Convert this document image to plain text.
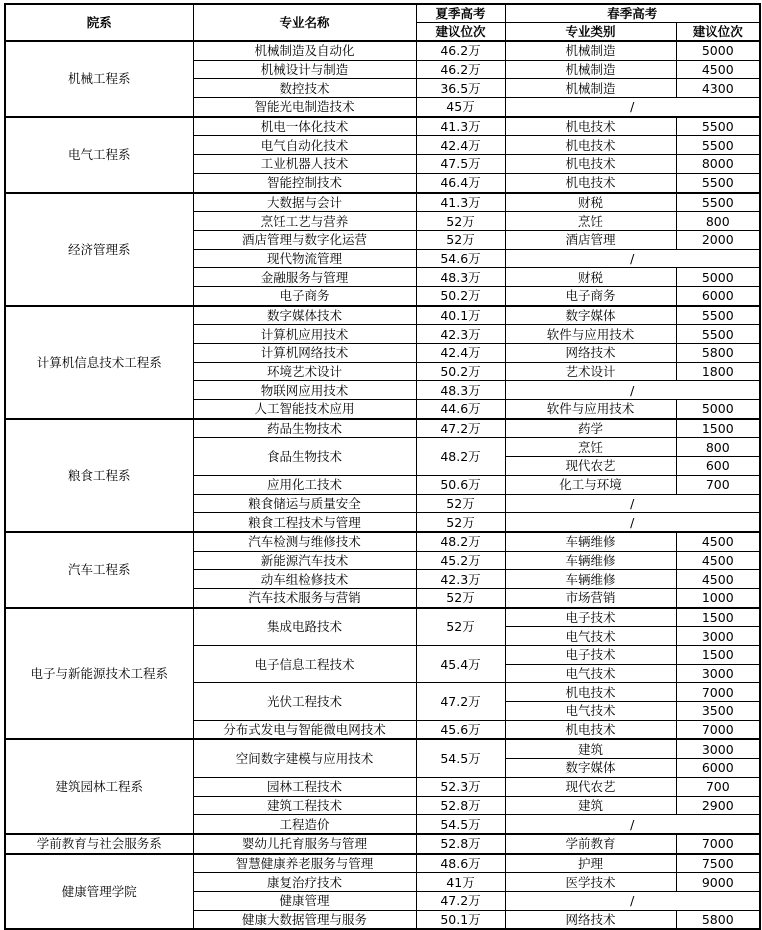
院系	专业名称	夏季高考	春季高考	
		建议位次	专业类别	建议位次
机械工程系	机械制造及自动化	46.2万	机械制造	5000
	机械设计与制造	46.2万	机械制造	4500
	数控技术	36.5万	机械制造	4300
	智能光电制造技术	45万	/	
电气工程系	机电一体化技术	41.3万	机电技术	5500
	电气自动化技术	42.4万	机电技术	5500
	工业机器人技术	47.5万	机电技术	8000
	智能控制技术	46.4万	机电技术	5500
经济管理系	大数据与会计	41.3万	财税	5500
	烹饪工艺与营养	52万	烹饪	800
	酒店管理与数字化运营	52万	酒店管理	2000
	现代物流管理	54.6万	/	
	金融服务与管理	48.3万	财税	5000
	电子商务	50.2万	电子商务	6000
计算机信息技术工程系	数字媒体技术	40.1万	数字媒体	5500
	计算机应用技术	42.3万	软件与应用技术	5500
	计算机网络技术	42.4万	网络技术	5800
	环境艺术设计	50.2万	艺术设计	1800
	物联网应用技术	48.3万	/	
	人工智能技术应用	44.6万	软件与应用技术	5000
粮食工程系	药品生物技术	47.2万	药学	1500
	食品生物技术	48.2万	烹饪	800
			现代农艺	600
	应用化工技术	50.6万	化工与环境	700
	粮食储运与质量安全	52万	/	
	粮食工程技术与管理	52万	/	
汽车工程系	汽车检测与维修技术	48.2万	车辆维修	4500
	新能源汽车技术	45.2万	车辆维修	4500
	动车组检修技术	42.3万	车辆维修	4500
	汽车技术服务与营销	52万	市场营销	1000
电子与新能源技术工程系	集成电路技术	52万	电子技术	1500
			电气技术	3000
	电子信息工程技术	45.4万	电子技术	1500
			电气技术	3000
	光伏工程技术	47.2万	机电技术	7000
			电气技术	3500
	分布式发电与智能微电网技术	45.6万	机电技术	7000
建筑园林工程系	空间数字建模与应用技术	54.5万	建筑	3000
			数字媒体	6000
	园林工程技术	52.3万	现代农艺	700
	建筑工程技术	52.8万	建筑	2900
	工程造价	54.5万	/	
学前教育与社会服务系	婴幼儿托育服务与管理	52.8万	学前教育	7000
健康管理学院	智慧健康养老服务与管理	48.6万	护理	7500
	康复治疗技术	41万	医学技术	9000
	健康管理	47.2万	/	
	健康大数据管理与服务	50.1万	网络技术	5800
